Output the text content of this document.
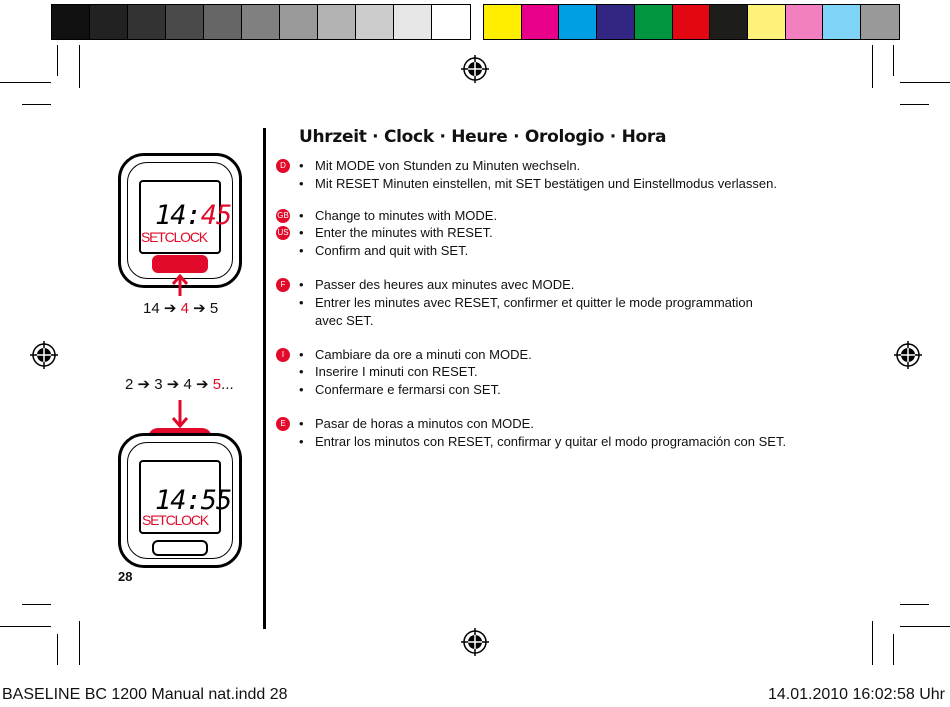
Uhrzeit · Clock · Heure · Orologio · Hora
D	• Mit MODE von Stunden zu Minuten wechseln.
• Mit RESET Minuten einstellen, mit SET bestätigen und Einstellmodus verlassen.
GB
US
• Change to minutes with MODE.
• Enter the minutes with RESET.
• Confirm and quit with SET.
F	• Passer des heures aux minutes avec MODE.
• Entrer les minutes avec RESET, confirmer et quitter le mode programmation
avec SET.
I	• Cambiare da ore a minuti con MODE.
• Inserire I minuti con RESET.
• Confermare e fermarsi con SET.
E	• Pasar de horas a minutos con MODE.
• Entrar los minutos con RESET, confirmar y quitar el modo programación con SET.
14:45
SETCLOCK
14 ➔ 4 ➔ 5
2 ➔ 3 ➔ 4 ➔ 5...
14:55
SETCLOCK
28
BASELINE BC 1200 Manual nat.indd 28	14.01.2010 16:02:58 Uhr
